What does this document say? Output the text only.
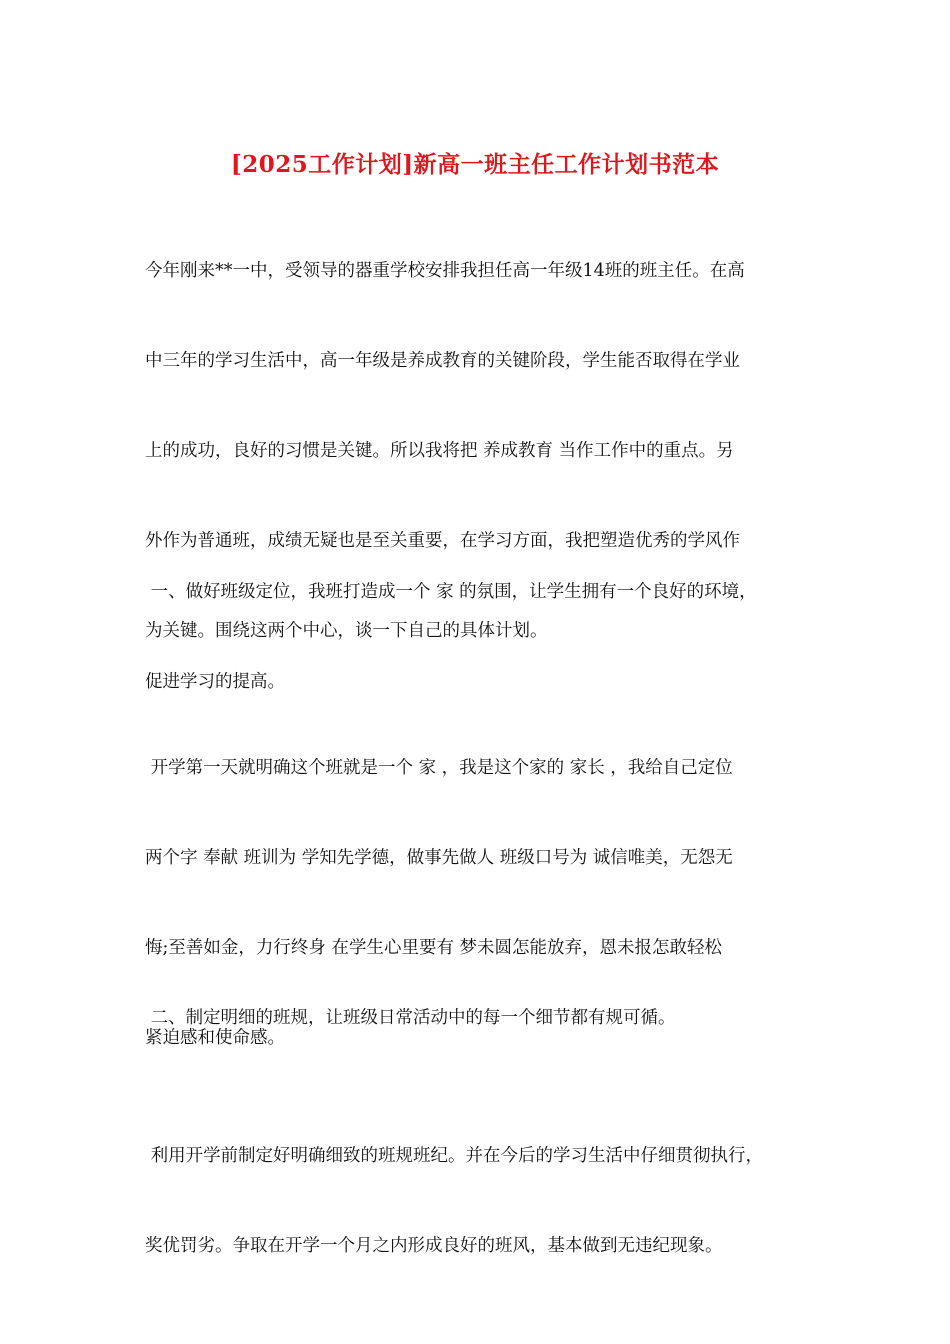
[2025工作计划]新高一班主任工作计划书范本

今年刚来**一中，受领导的器重学校安排我担任高一年级14班的班主任。在高

中三年的学习生活中，高一年级是养成教育的关键阶段，学生能否取得在学业

上的成功，良好的习惯是关键。所以我将把 养成教育 当作工作中的重点。另

外作为普通班，成绩无疑也是至关重要，在学习方面，我把塑造优秀的学风作

为关键。围绕这两个中心，谈一下自己的具体计划。

一、做好班级定位，我班打造成一个 家 的氛围，让学生拥有一个良好的环境，

促进学习的提高。

开学第一天就明确这个班就是一个 家 ，我是这个家的 家长 ，我给自己定位

两个字 奉献 班训为 学知先学德，做事先做人 班级口号为 诚信唯美，无怨无

悔;至善如金，力行终身 在学生心里要有 梦未圆怎能放弃，恩未报怎敢轻松

紧迫感和使命感。

二、制定明细的班规，让班级日常活动中的每一个细节都有规可循。

利用开学前制定好明确细致的班规班纪。并在今后的学习生活中仔细贯彻执行，

奖优罚劣。争取在开学一个月之内形成良好的班风，基本做到无违纪现象。
